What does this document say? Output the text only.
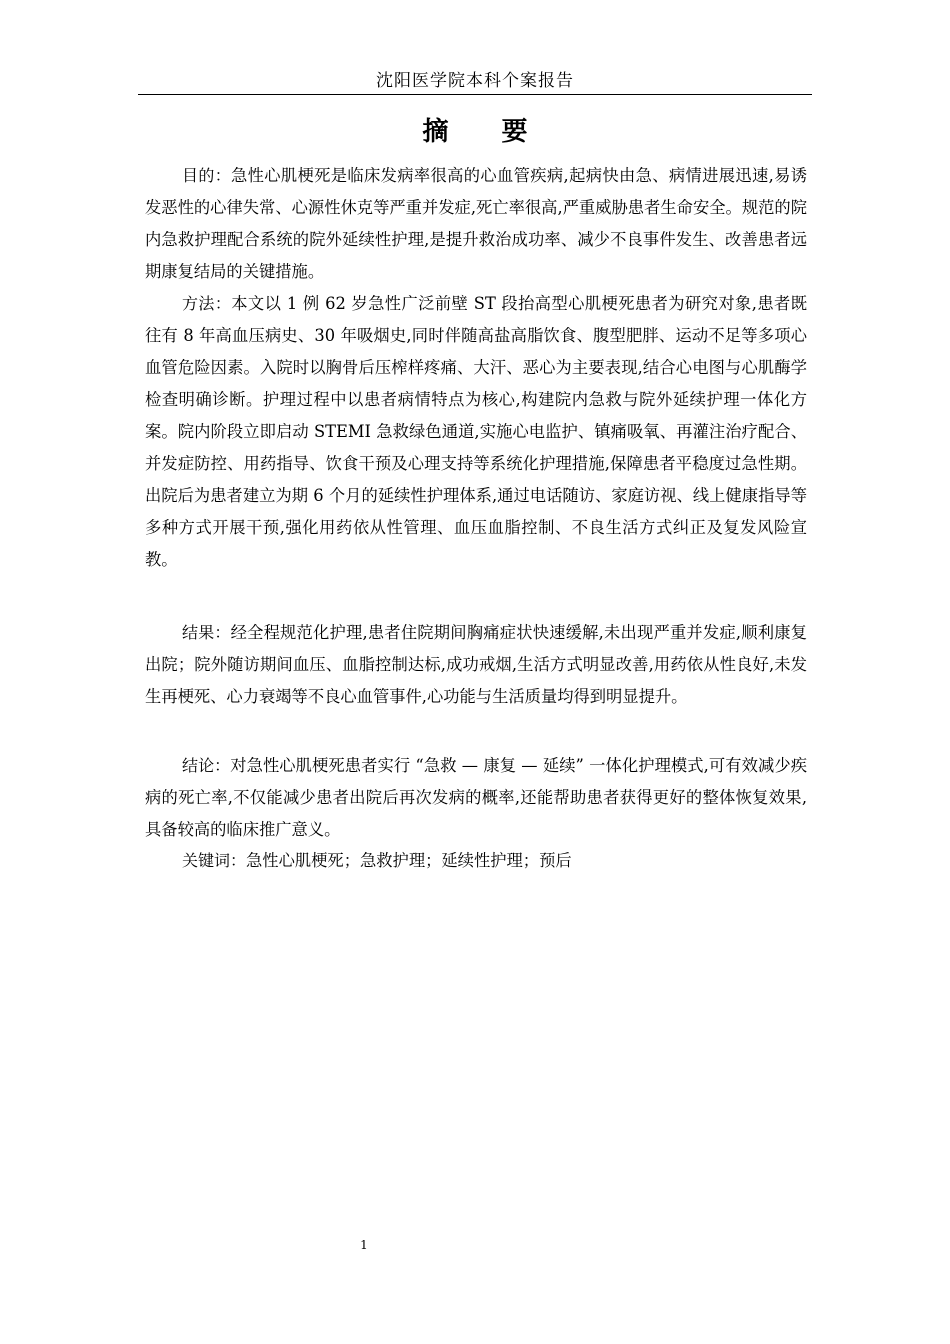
沈阳医学院本科个案报告
摘 要
目的：急性心肌梗死是临床发病率很高的心血管疾病,起病快由急、病情进展迅速,易诱发恶性的心律失常、心源性休克等严重并发症,死亡率很高,严重威胁患者生命安全。规范的院内急救护理配合系统的院外延续性护理,是提升救治成功率、减少不良事件发生、改善患者远期康复结局的关键措施。
方法：本文以 1 例 62 岁急性广泛前壁 ST 段抬高型心肌梗死患者为研究对象,患者既往有 8 年高血压病史、30 年吸烟史,同时伴随高盐高脂饮食、腹型肥胖、运动不足等多项心血管危险因素。入院时以胸骨后压榨样疼痛、大汗、恶心为主要表现,结合心电图与心肌酶学检查明确诊断。护理过程中以患者病情特点为核心,构建院内急救与院外延续护理一体化方案。院内阶段立即启动 STEMI 急救绿色通道,实施心电监护、镇痛吸氧、再灌注治疗配合、并发症防控、用药指导、饮食干预及心理支持等系统化护理措施,保障患者平稳度过急性期。出院后为患者建立为期 6 个月的延续性护理体系,通过电话随访、家庭访视、线上健康指导等多种方式开展干预,强化用药依从性管理、血压血脂控制、不良生活方式纠正及复发风险宣教。
结果：经全程规范化护理,患者住院期间胸痛症状快速缓解,未出现严重并发症,顺利康复出院；院外随访期间血压、血脂控制达标,成功戒烟,生活方式明显改善,用药依从性良好,未发生再梗死、心力衰竭等不良心血管事件,心功能与生活质量均得到明显提升。
结论：对急性心肌梗死患者实行 “急救 — 康复 — 延续” 一体化护理模式,可有效减少疾病的死亡率,不仅能减少患者出院后再次发病的概率,还能帮助患者获得更好的整体恢复效果,具备较高的临床推广意义。
关键词：急性心肌梗死；急救护理；延续性护理；预后
1
